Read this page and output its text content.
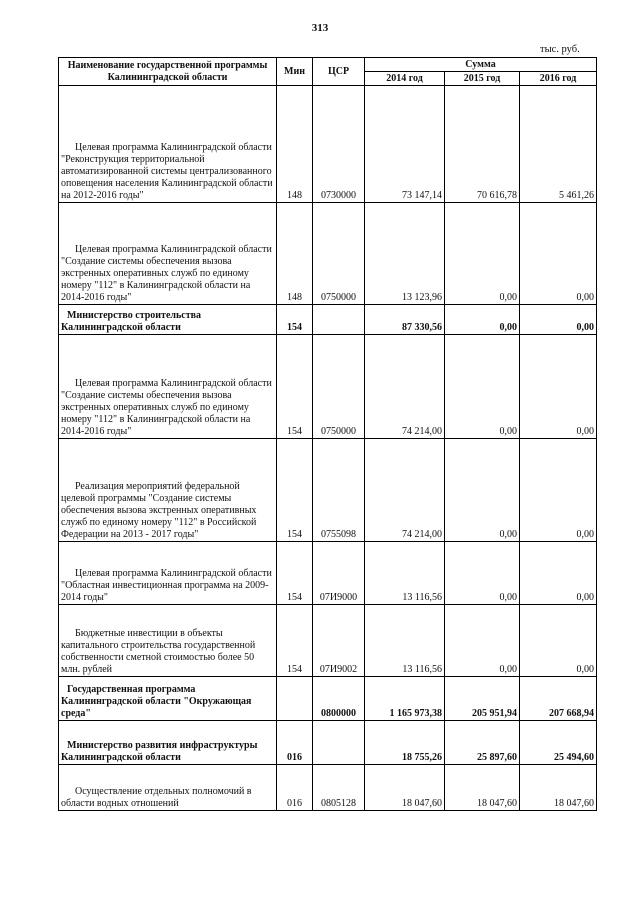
313
тыс. руб.
Наименование государственной программы Калининградской области	Мин	ЦСР	Сумма		
			2014 год	2015 год	2016 год

Целевая программа Калининградской области "Реконструкция территориальной автоматизированной системы централизованного оповещения населения Калининградской области на 2012-2016 годы"	148	0730000	73 147,14	70 616,78	5 461,26

Целевая программа Калининградской области "Создание системы обеспечения вызова экстренных оперативных служб по единому номеру "112" в Калининградской области на 2014-2016 годы"	148	0750000	13 123,96	0,00	0,00

Министерство строительства Калининградской области	154		87 330,56	0,00	0,00

Целевая программа Калининградской области "Создание системы обеспечения вызова экстренных оперативных служб по единому номеру "112" в Калининградской области на 2014-2016 годы"	154	0750000	74 214,00	0,00	0,00

Реализация мероприятий федеральной целевой программы "Создание системы обеспечения вызова экстренных оперативных служб по единому номеру "112" в Российской Федерации на 2013 - 2017 годы"	154	0755098	74 214,00	0,00	0,00

Целевая программа Калининградской области "Областная инвестиционная программа на 2009-2014 годы"	154	07И9000	13 116,56	0,00	0,00

Бюджетные инвестиции в объекты капитального строительства государственной собственности сметной стоимостью более 50 млн. рублей	154	07И9002	13 116,56	0,00	0,00

Государственная программа Калининградской области "Окружающая среда"		0800000	1 165 973,38	205 951,94	207 668,94

Министерство развития инфраструктуры Калининградской области	016		18 755,26	25 897,60	25 494,60

Осуществление отдельных полномочий в области водных отношений	016	0805128	18 047,60	18 047,60	18 047,60
